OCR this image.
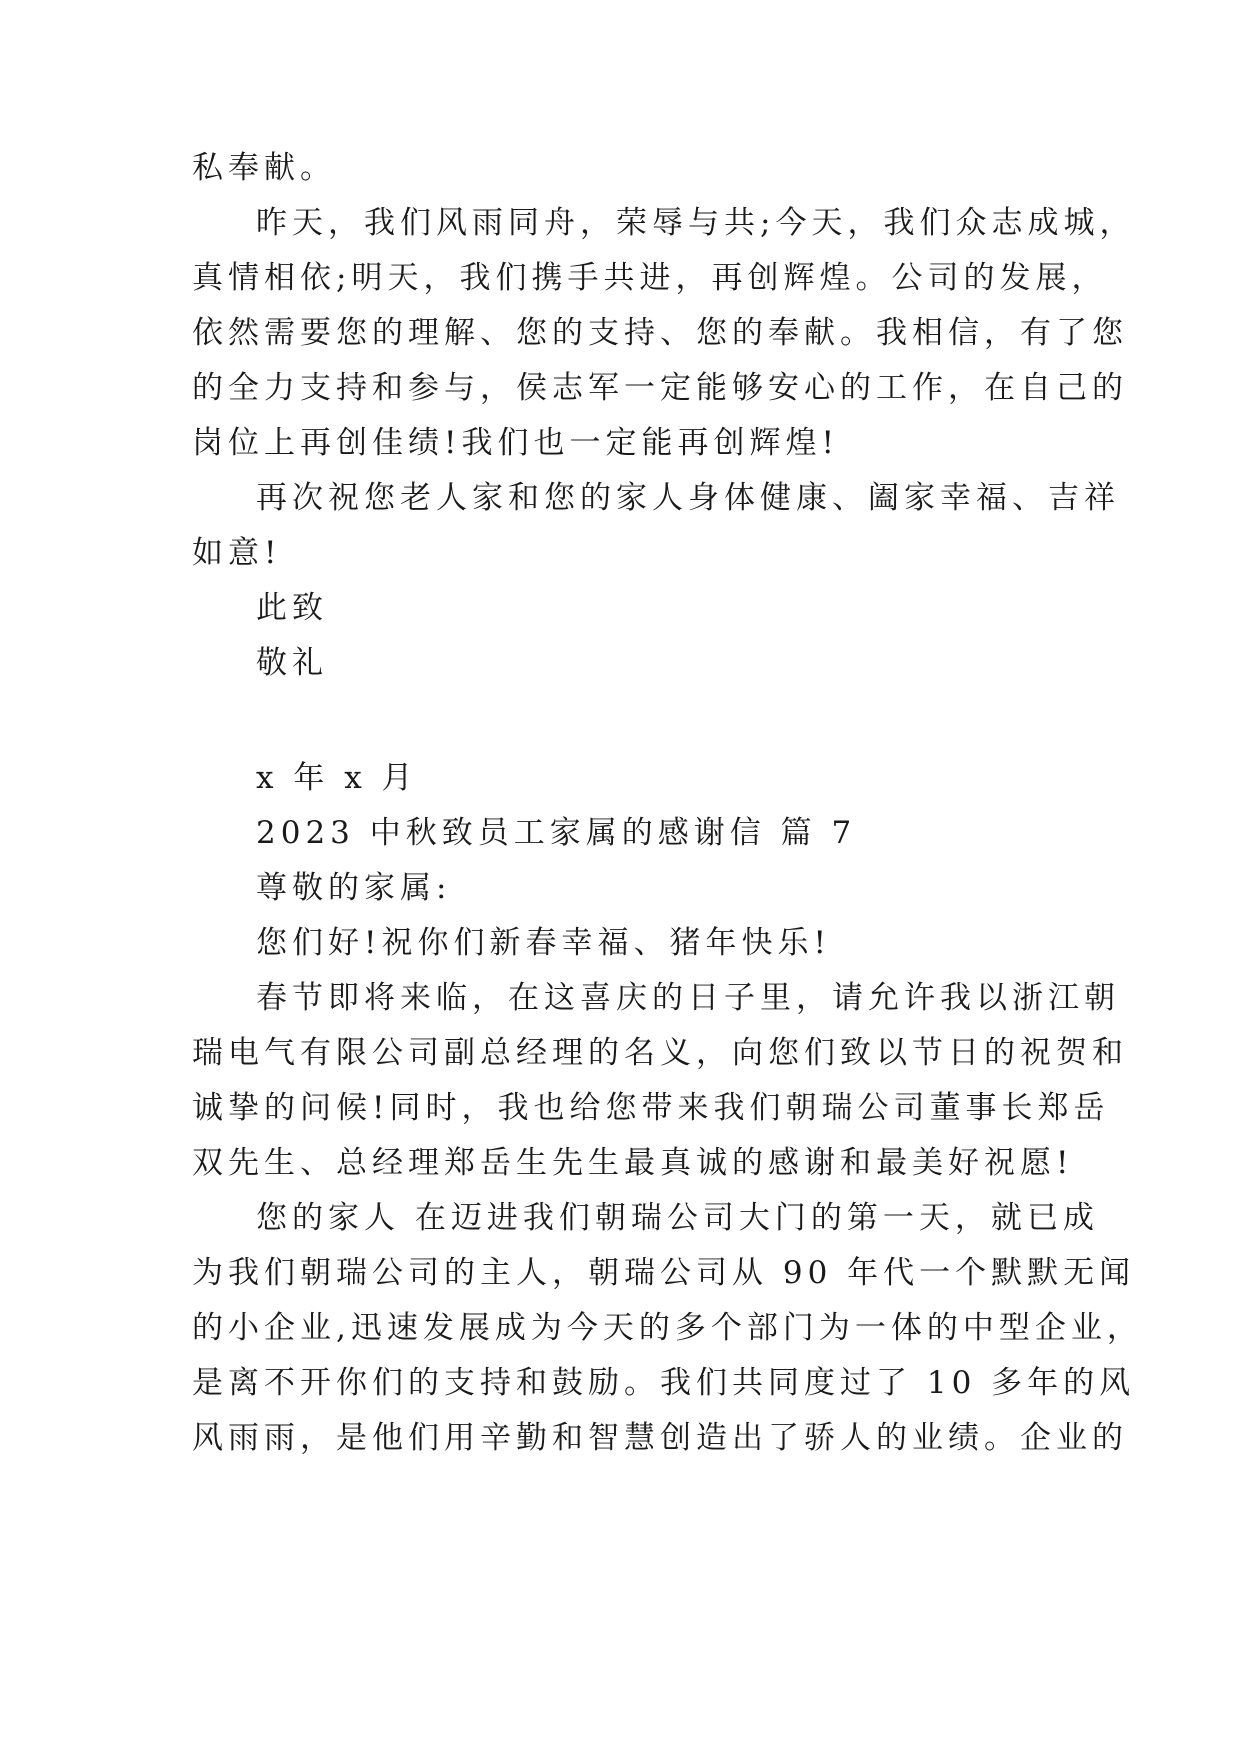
私奉献。
昨天，我们风雨同舟，荣辱与共;今天，我们众志成城，
真情相依;明天，我们携手共进，再创辉煌。公司的发展，
依然需要您的理解、您的支持、您的奉献。我相信，有了您
的全力支持和参与，侯志军一定能够安心的工作，在自己的
岗位上再创佳绩!我们也一定能再创辉煌!
再次祝您老人家和您的家人身体健康、阖家幸福、吉祥
如意!
此致
敬礼
x 年 x 月
2023 中秋致员工家属的感谢信 篇 7
尊敬的家属:
您们好!祝你们新春幸福、猪年快乐!
春节即将来临，在这喜庆的日子里，请允许我以浙江朝
瑞电气有限公司副总经理的名义，向您们致以节日的祝贺和
诚挚的问候!同时，我也给您带来我们朝瑞公司董事长郑岳
双先生、总经理郑岳生先生最真诚的感谢和最美好祝愿!
您的家人 在迈进我们朝瑞公司大门的第一天，就已成
为我们朝瑞公司的主人，朝瑞公司从 90 年代一个默默无闻
的小企业,迅速发展成为今天的多个部门为一体的中型企业，
是离不开你们的支持和鼓励。我们共同度过了 10 多年的风
风雨雨，是他们用辛勤和智慧创造出了骄人的业绩。企业的
